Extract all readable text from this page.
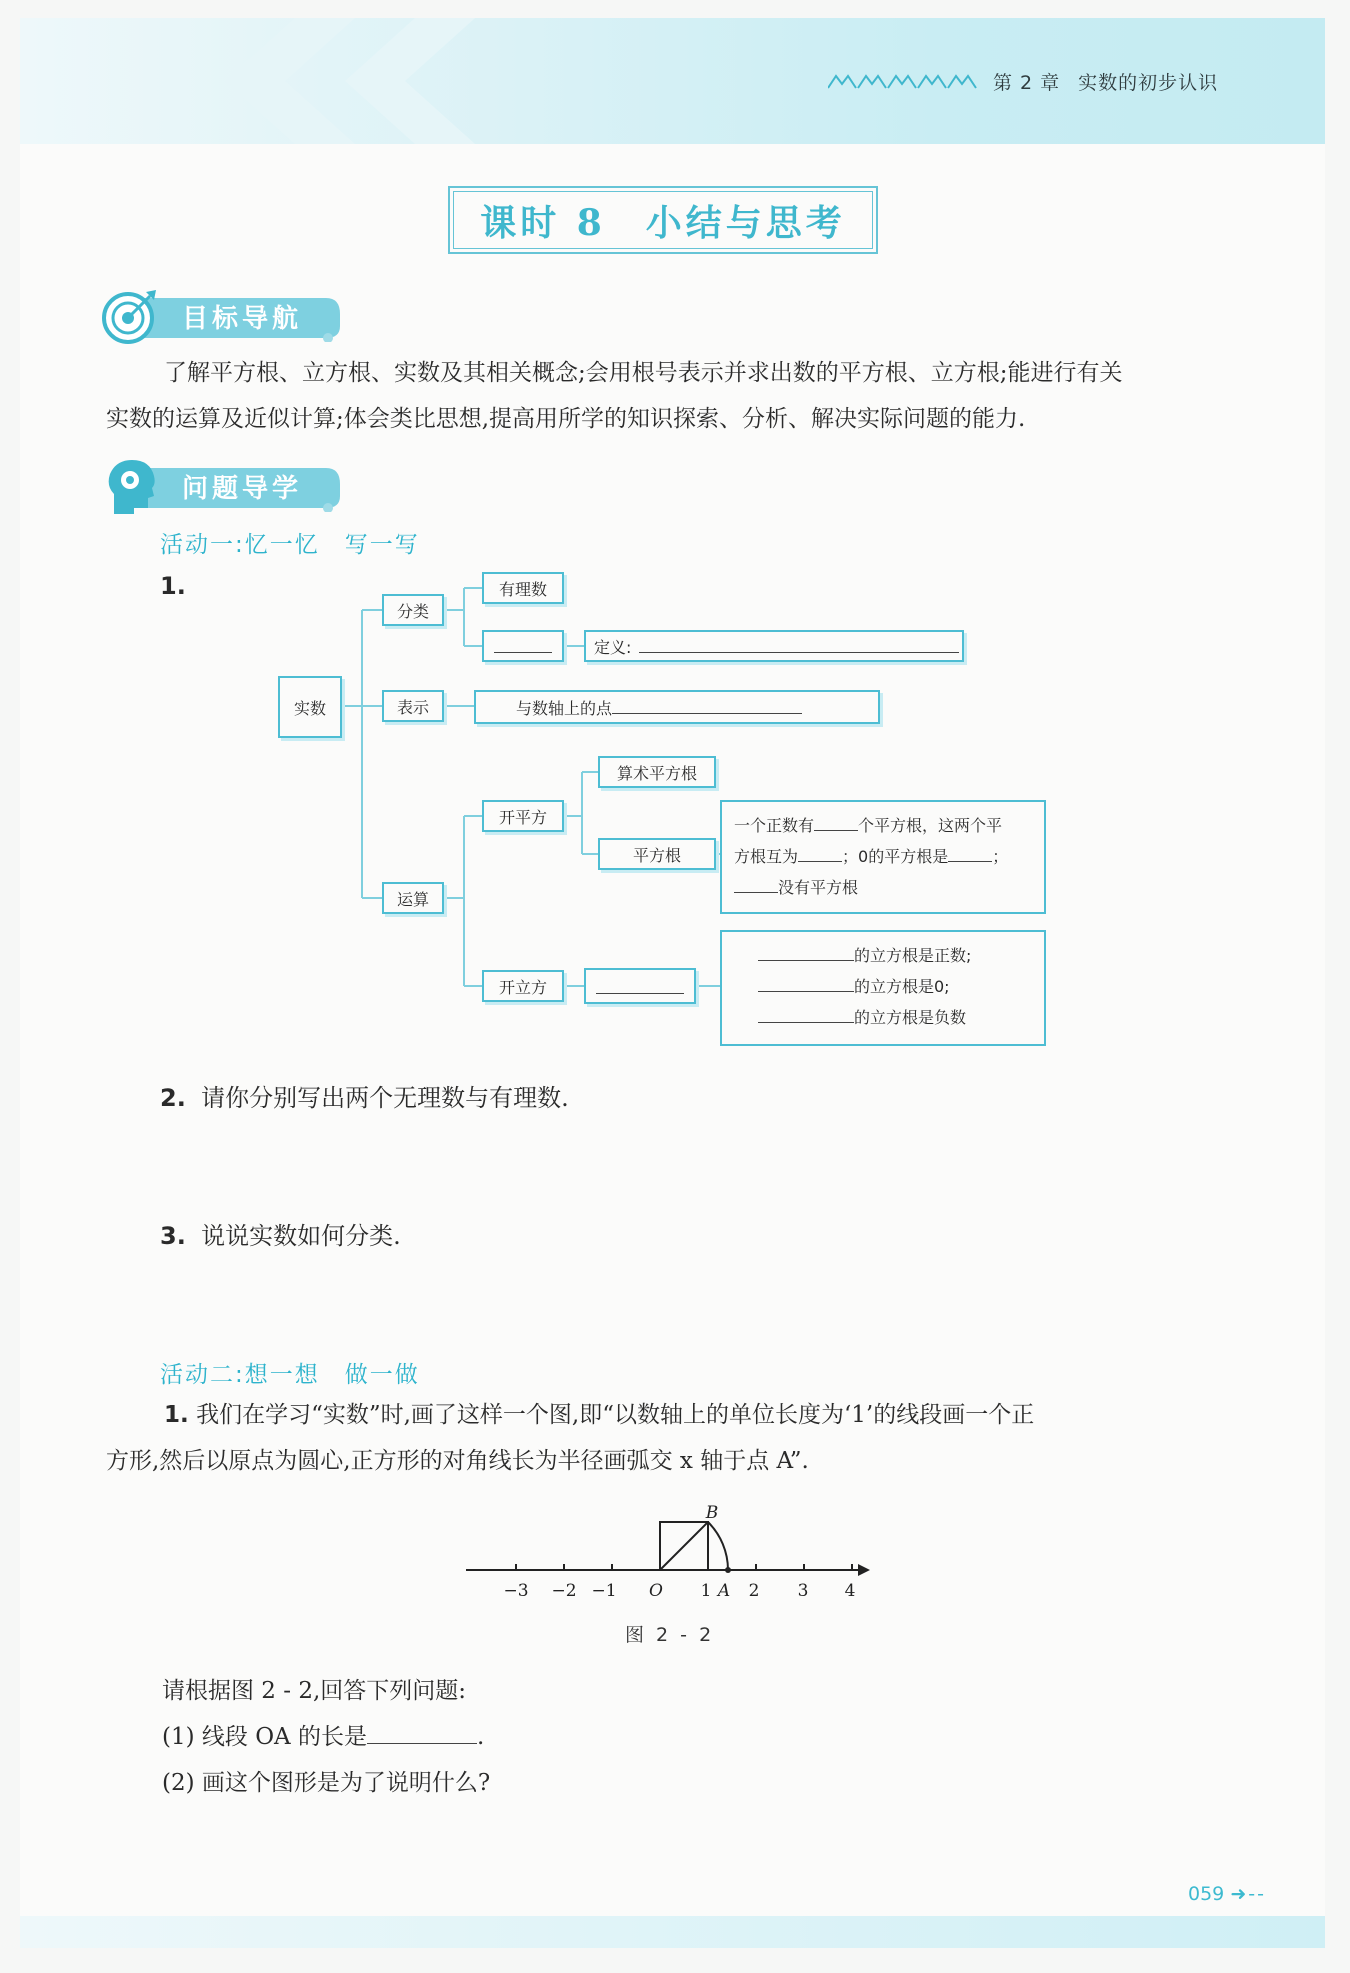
第 2 章 实数的初步认识
课时 8　小结与思考
目标导航
了解平方根、立方根、实数及其相关概念;会用根号表示并求出数的平方根、立方根;能进行有关
实数的运算及近似计算;体会类比思想,提高用所学的知识探索、分析、解决实际问题的能力.
问题导学
活动一:忆一忆　写一写
1.
实数
分类
有理数
定义:
表示	与数轴上的点
运算
开平方
算术平方根
平方根
一个正数有	个平方根，这两个平
方根互为	；0的平方根是	；
没有平方根
开立方
的立方根是正数;
的立方根是0;
的立方根是负数
2. 请你分别写出两个无理数与有理数.
3. 说说实数如何分类.
活动二:想一想　做一做
1. 我们在学习“实数”时,画了这样一个图,即“以数轴上的单位长度为‘1’的线段画一个正
方形,然后以原点为圆心,正方形的对角线长为半径画弧交 x 轴于点 A”.
B
−3 −2 −1 O 1 A 2 3 4
图 2 - 2
请根据图 2 - 2,回答下列问题:
(1) 线段 OA 的长是	.
(2) 画这个图形是为了说明什么?
059 ➜ ‐ ‐
